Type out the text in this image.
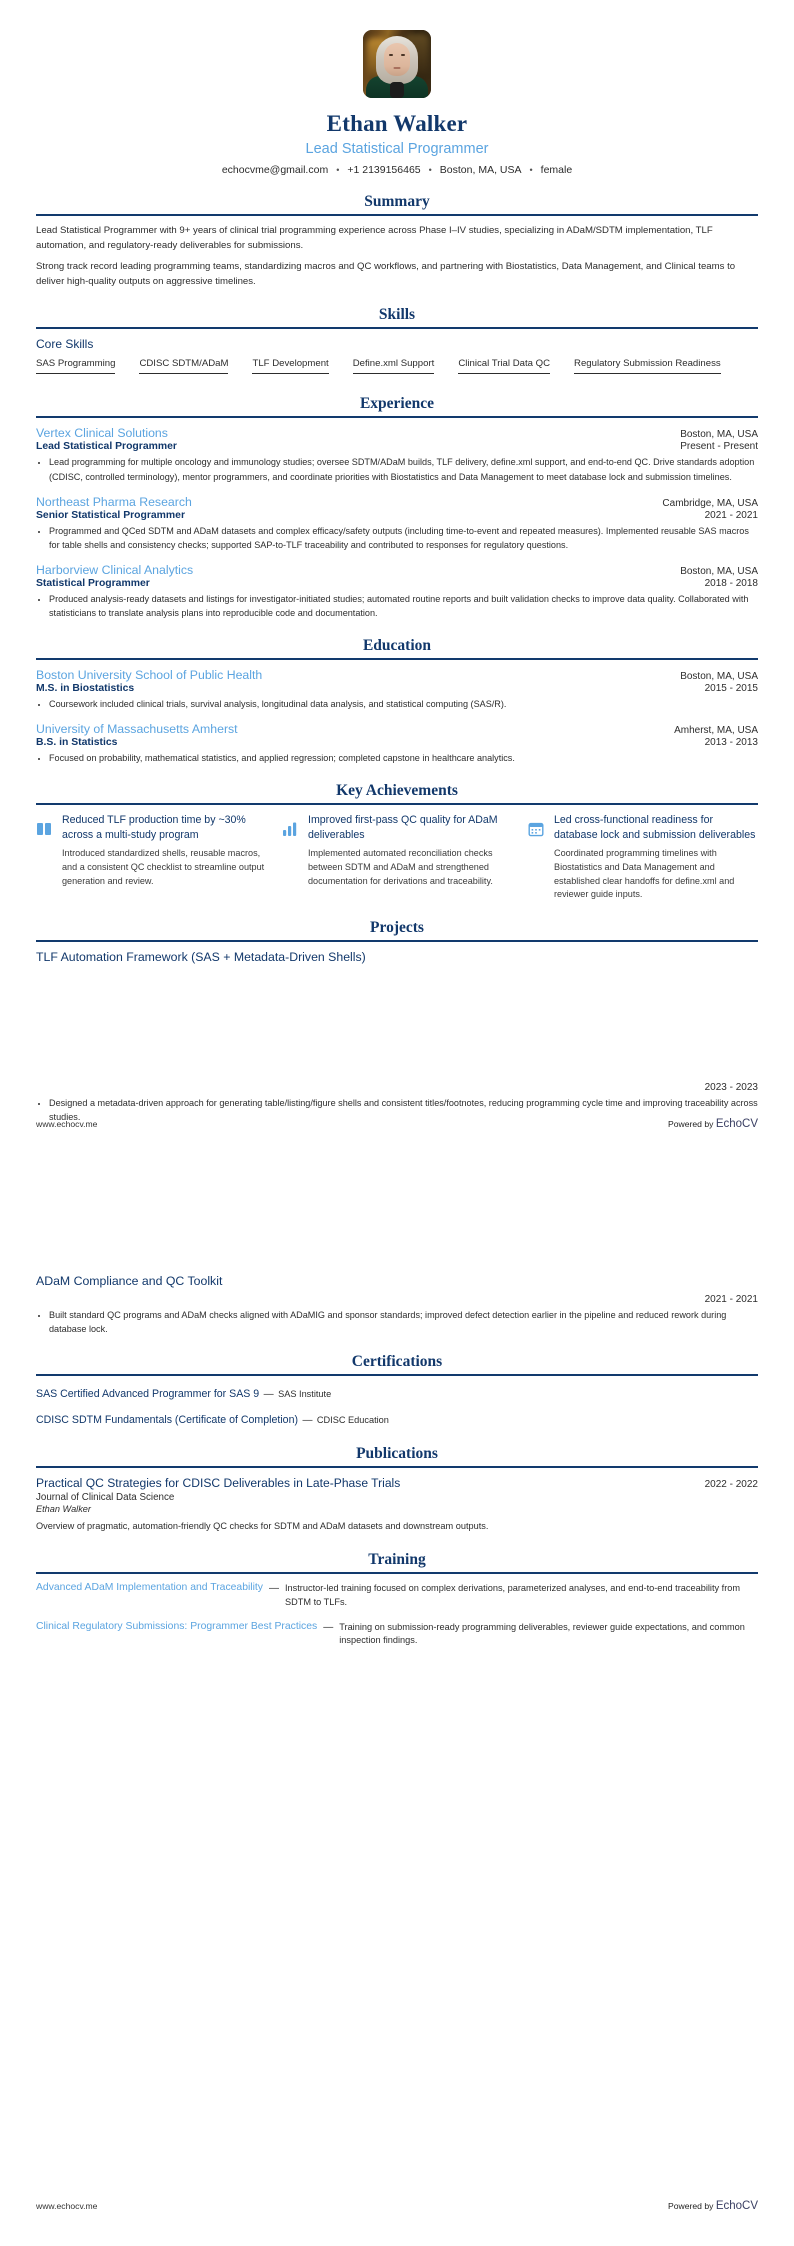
Ethan Walker
Lead Statistical Programmer
echocvme@gmail.com • +1 2139156465 • Boston, MA, USA • female
Summary

Lead Statistical Programmer with 9+ years of clinical trial programming experience across Phase I–IV studies, specializing in ADaM/SDTM implementation, TLF automation, and regulatory-ready deliverables for submissions.

Strong track record leading programming teams, standardizing macros and QC workflows, and partnering with Biostatistics, Data Management, and Clinical teams to deliver high-quality outputs on aggressive timelines.

Skills
Core Skills
SAS Programming	CDISC SDTM/ADaM	TLF Development	Define.xml Support	Clinical Trial Data QC	Regulatory Submission Readiness
Experience
Vertex Clinical Solutions	Boston, MA, USA
Lead Statistical Programmer	Present - Present
• Lead programming for multiple oncology and immunology studies; oversee SDTM/ADaM builds, TLF delivery, define.xml support, and end-to-end QC. Drive standards adoption (CDISC, controlled terminology), mentor programmers, and coordinate priorities with Biostatistics and Data Management to meet database lock and submission timelines.
Northeast Pharma Research	Cambridge, MA, USA
Senior Statistical Programmer	2021 - 2021
• Programmed and QCed SDTM and ADaM datasets and complex efficacy/safety outputs (including time-to-event and repeated measures). Implemented reusable SAS macros for table shells and consistency checks; supported SAP-to-TLF traceability and contributed to responses for regulatory questions.
Harborview Clinical Analytics	Boston, MA, USA
Statistical Programmer	2018 - 2018
• Produced analysis-ready datasets and listings for investigator-initiated studies; automated routine reports and built validation checks to improve data quality. Collaborated with statisticians to translate analysis plans into reproducible code and documentation.
Education
Boston University School of Public Health	Boston, MA, USA
M.S. in Biostatistics	2015 - 2015
• Coursework included clinical trials, survival analysis, longitudinal data analysis, and statistical computing (SAS/R).
University of Massachusetts Amherst	Amherst, MA, USA
B.S. in Statistics	2013 - 2013
• Focused on probability, mathematical statistics, and applied regression; completed capstone in healthcare analytics.
Key Achievements
Reduced TLF production time by ~30% across a multi-study program
Introduced standardized shells, reusable macros, and a consistent QC checklist to streamline output generation and review.
Improved first-pass QC quality for ADaM deliverables
Implemented automated reconciliation checks between SDTM and ADaM and strengthened documentation for derivations and traceability.
Led cross-functional readiness for database lock and submission deliverables
Coordinated programming timelines with Biostatistics and Data Management and established clear handoffs for define.xml and reviewer guide inputs.
Projects
TLF Automation Framework (SAS + Metadata-Driven Shells)
2023 - 2023
• Designed a metadata-driven approach for generating table/listing/figure shells and consistent titles/footnotes, reducing programming cycle time and improving traceability across studies.
ADaM Compliance and QC Toolkit
2021 - 2021
• Built standard QC programs and ADaM checks aligned with ADaMIG and sponsor standards; improved defect detection earlier in the pipeline and reduced rework during database lock.
Certifications
SAS Certified Advanced Programmer for SAS 9 — SAS Institute
CDISC SDTM Fundamentals (Certificate of Completion) — CDISC Education
Publications
Practical QC Strategies for CDISC Deliverables in Late-Phase Trials	2022 - 2022
Journal of Clinical Data Science
Ethan Walker
Overview of pragmatic, automation-friendly QC checks for SDTM and ADaM datasets and downstream outputs.
Training
Advanced ADaM Implementation and Traceability — Instructor-led training focused on complex derivations, parameterized analyses, and end-to-end traceability from SDTM to TLFs.
Clinical Regulatory Submissions: Programmer Best Practices — Training on submission-ready programming deliverables, reviewer guide expectations, and common inspection findings.
www.echocv.me	Powered by EchoCV
www.echocv.me	Powered by EchoCV
